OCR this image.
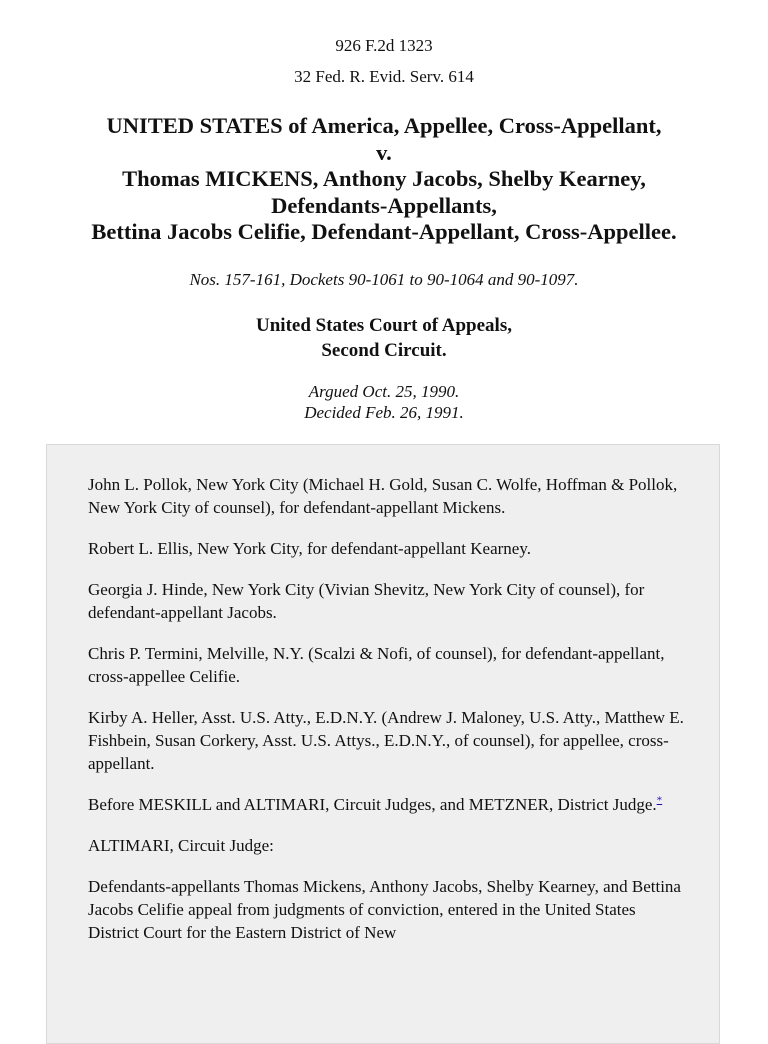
926 F.2d 1323
32 Fed. R. Evid. Serv. 614
UNITED STATES of America, Appellee, Cross-Appellant,
v.
Thomas MICKENS, Anthony Jacobs, Shelby Kearney,
Defendants-Appellants,
Bettina Jacobs Celifie, Defendant-Appellant, Cross-Appellee.
Nos. 157-161, Dockets 90-1061 to 90-1064 and 90-1097.
United States Court of Appeals,
Second Circuit.
Argued Oct. 25, 1990.
Decided Feb. 26, 1991.

John L. Pollok, New York City (Michael H. Gold, Susan C. Wolfe, Hoffman & Pollok, New York City of counsel), for defendant-appellant Mickens.

Robert L. Ellis, New York City, for defendant-appellant Kearney.

Georgia J. Hinde, New York City (Vivian Shevitz, New York City of counsel), for defendant-appellant Jacobs.

Chris P. Termini, Melville, N.Y. (Scalzi & Nofi, of counsel), for defendant-appellant, cross-appellee Celifie.

Kirby A. Heller, Asst. U.S. Atty., E.D.N.Y. (Andrew J. Maloney, U.S. Atty., Matthew E. Fishbein, Susan Corkery, Asst. U.S. Attys., E.D.N.Y., of counsel), for appellee, cross-appellant.

Before MESKILL and ALTIMARI, Circuit Judges, and METZNER, District Judge.*

ALTIMARI, Circuit Judge:

Defendants-appellants Thomas Mickens, Anthony Jacobs, Shelby Kearney, and Bettina Jacobs Celifie appeal from judgments of conviction, entered in the United States District Court for the Eastern District of New
